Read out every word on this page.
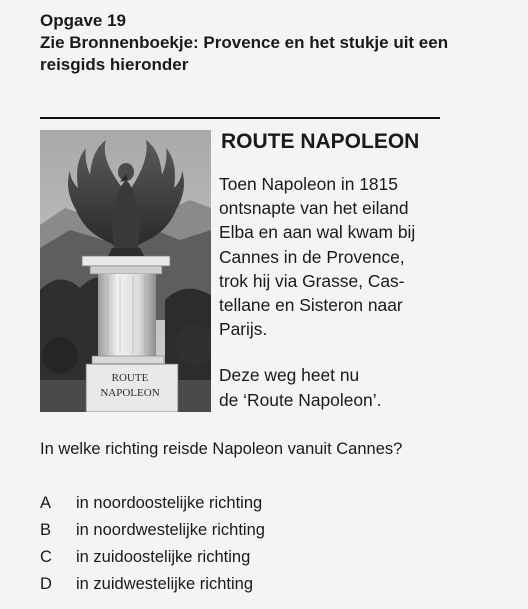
Opgave 19
Zie Bronnenboekje: Provence en het stukje uit een
reisgids hieronder
ROUTE
NAPOLEON
ROUTE NAPOLEON
Toen Napoleon in 1815
ontsnapte van het eiland
Elba en aan wal kwam bij
Cannes in de Provence,
trok hij via Grasse, Cas-
tellane en Sisteron naar
Parijs.
Deze weg heet nu
de ‘Route Napoleon’.
In welke richting reisde Napoleon vanuit Cannes?
A in noordoostelijke richting
B in noordwestelijke richting
C in zuidoostelijke richting
D in zuidwestelijke richting
